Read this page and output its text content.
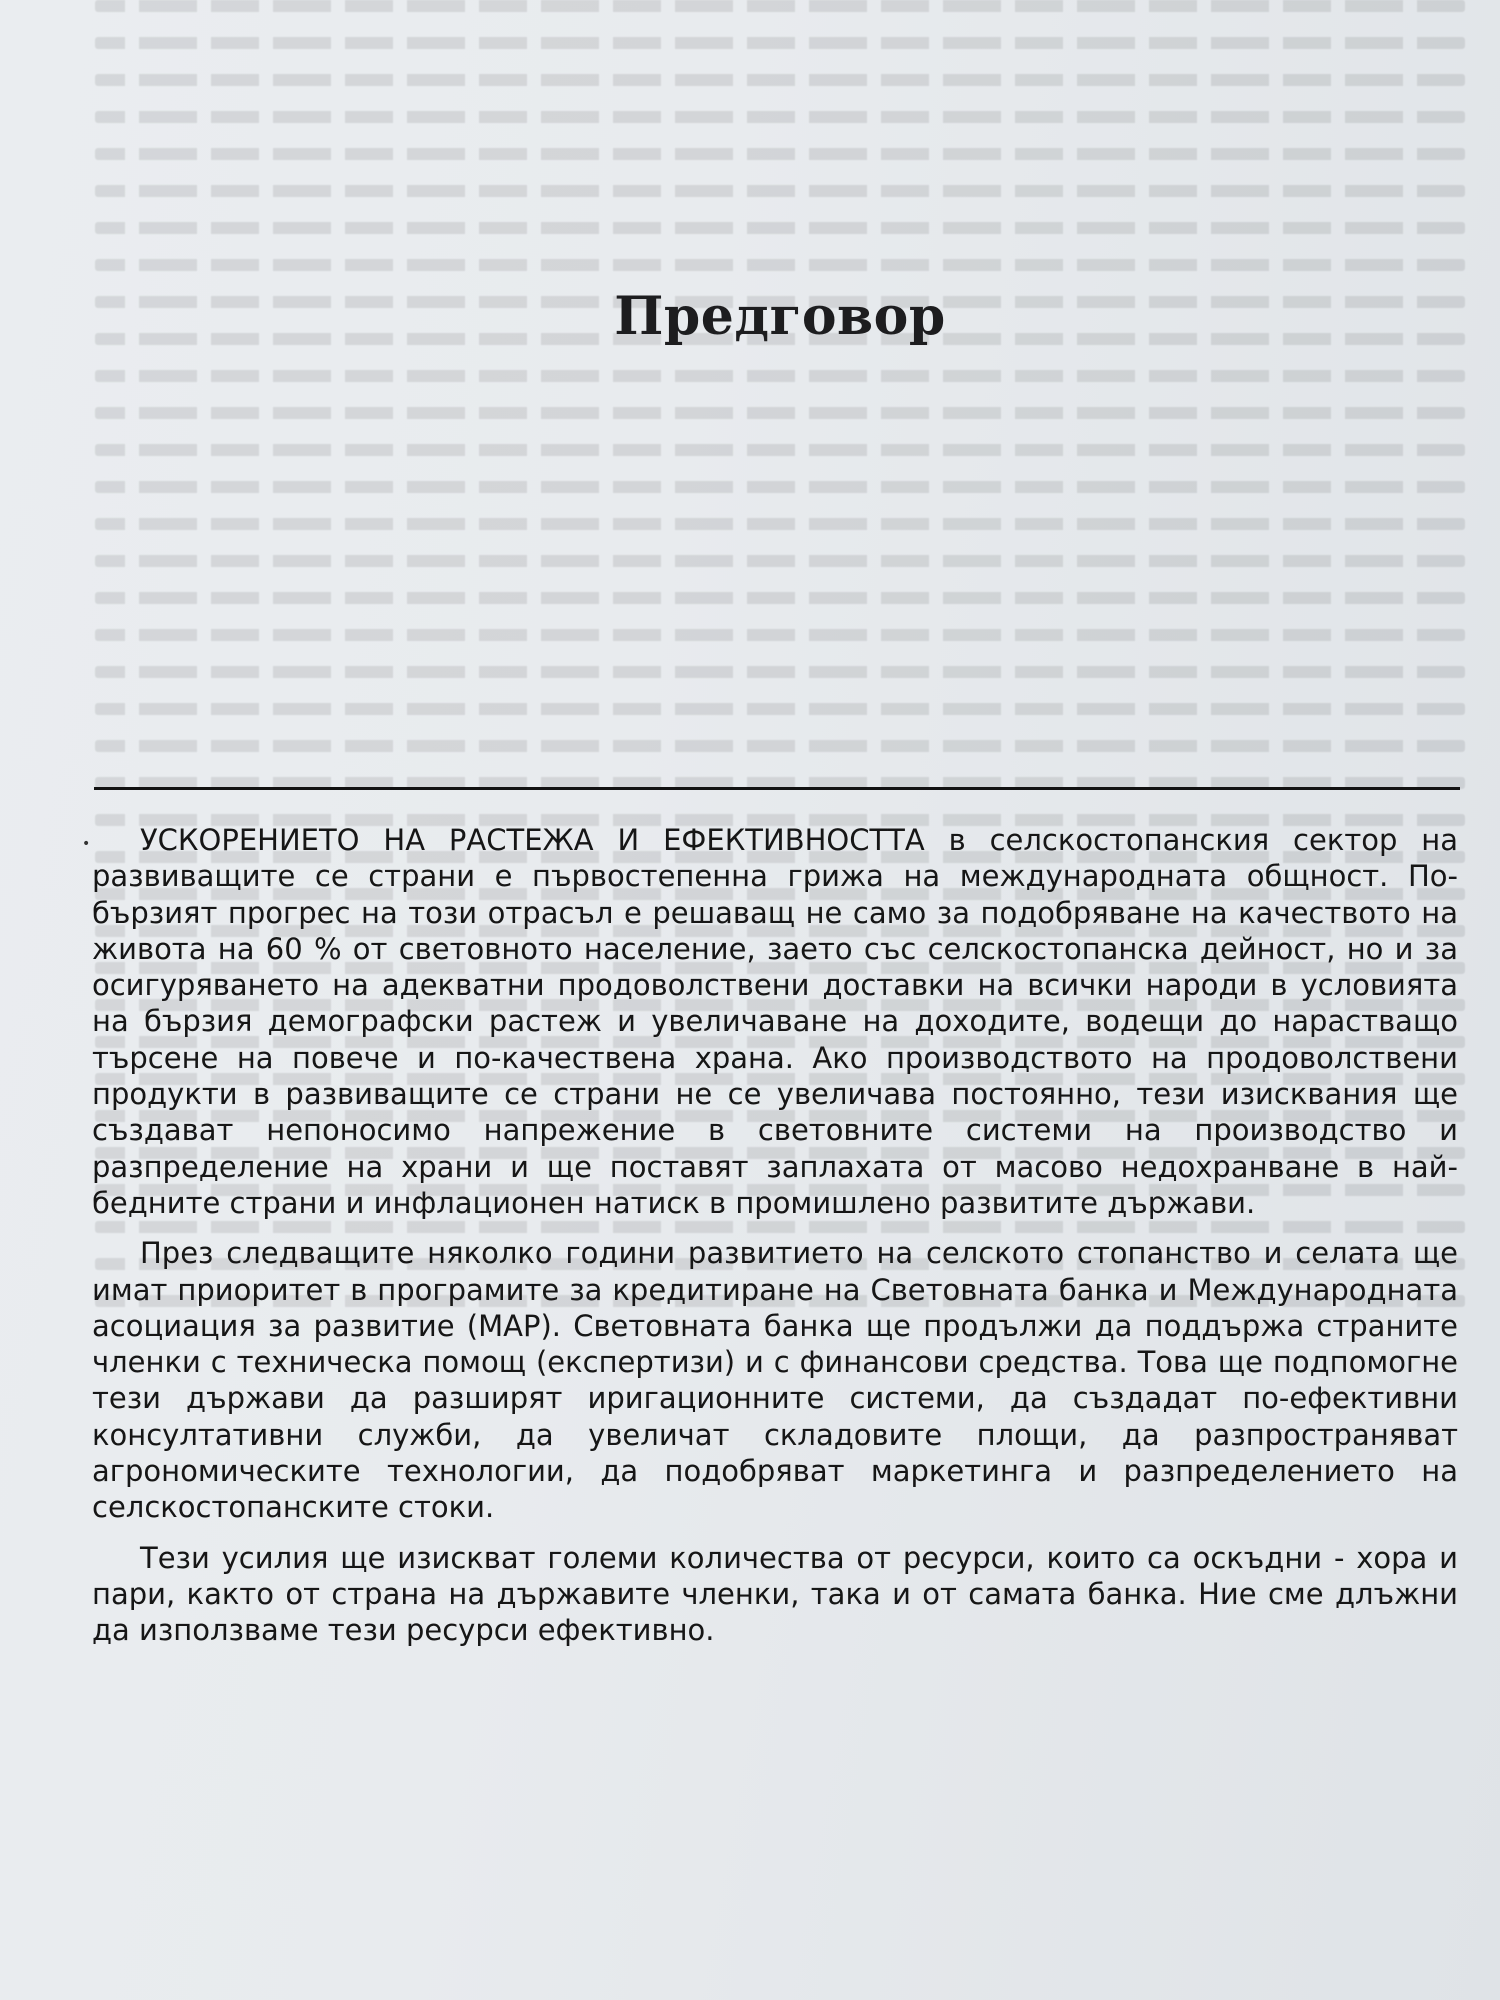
Предговор
•	УСКОРЕНИЕТО НА РАСТЕЖА И ЕФЕКТИВНОСТТА в селскостопанския сектор на развиващите се страни е първостепенна грижа на международната общност. По-бързият прогрес на този отрасъл е решаващ не само за подобряване на качеството на живота на 60 % от световното население, заето със селскостопанска дейност, но и за осигуряването на адекватни продоволствени доставки на всички народи в условията на бързия демографски растеж и увеличаване на доходите, водещи до нарастващо търсене на повече и по-качествена храна. Ако производството на продоволствени продукти в развиващите се страни не се увеличава постоянно, тези изисквания ще създават непоносимо напрежение в световните системи на производство и разпределение на храни и ще поставят заплахата от масово недохранване в най-бедните страни и инфлационен натиск в промишлено развитите държави.

През следващите няколко години развитието на селското стопанство и селата ще имат приоритет в програмите за кредитиране на Световната банка и Международната асоциация за развитие (МАР). Световната банка ще продължи да поддържа страните членки с техническа помощ (експертизи) и с финансови средства. Това ще подпомогне тези държави да разширят иригационните системи, да създадат по-ефективни консултативни служби, да увеличат складовите площи, да разпространяват агрономическите технологии, да подобряват маркетинга и разпределението на селскостопанските стоки.

Тези усилия ще изискват големи количества от ресурси, които са оскъдни - хора и пари, както от страна на държавите членки, така и от самата банка. Ние сме длъжни да използваме тези ресурси ефективно.
